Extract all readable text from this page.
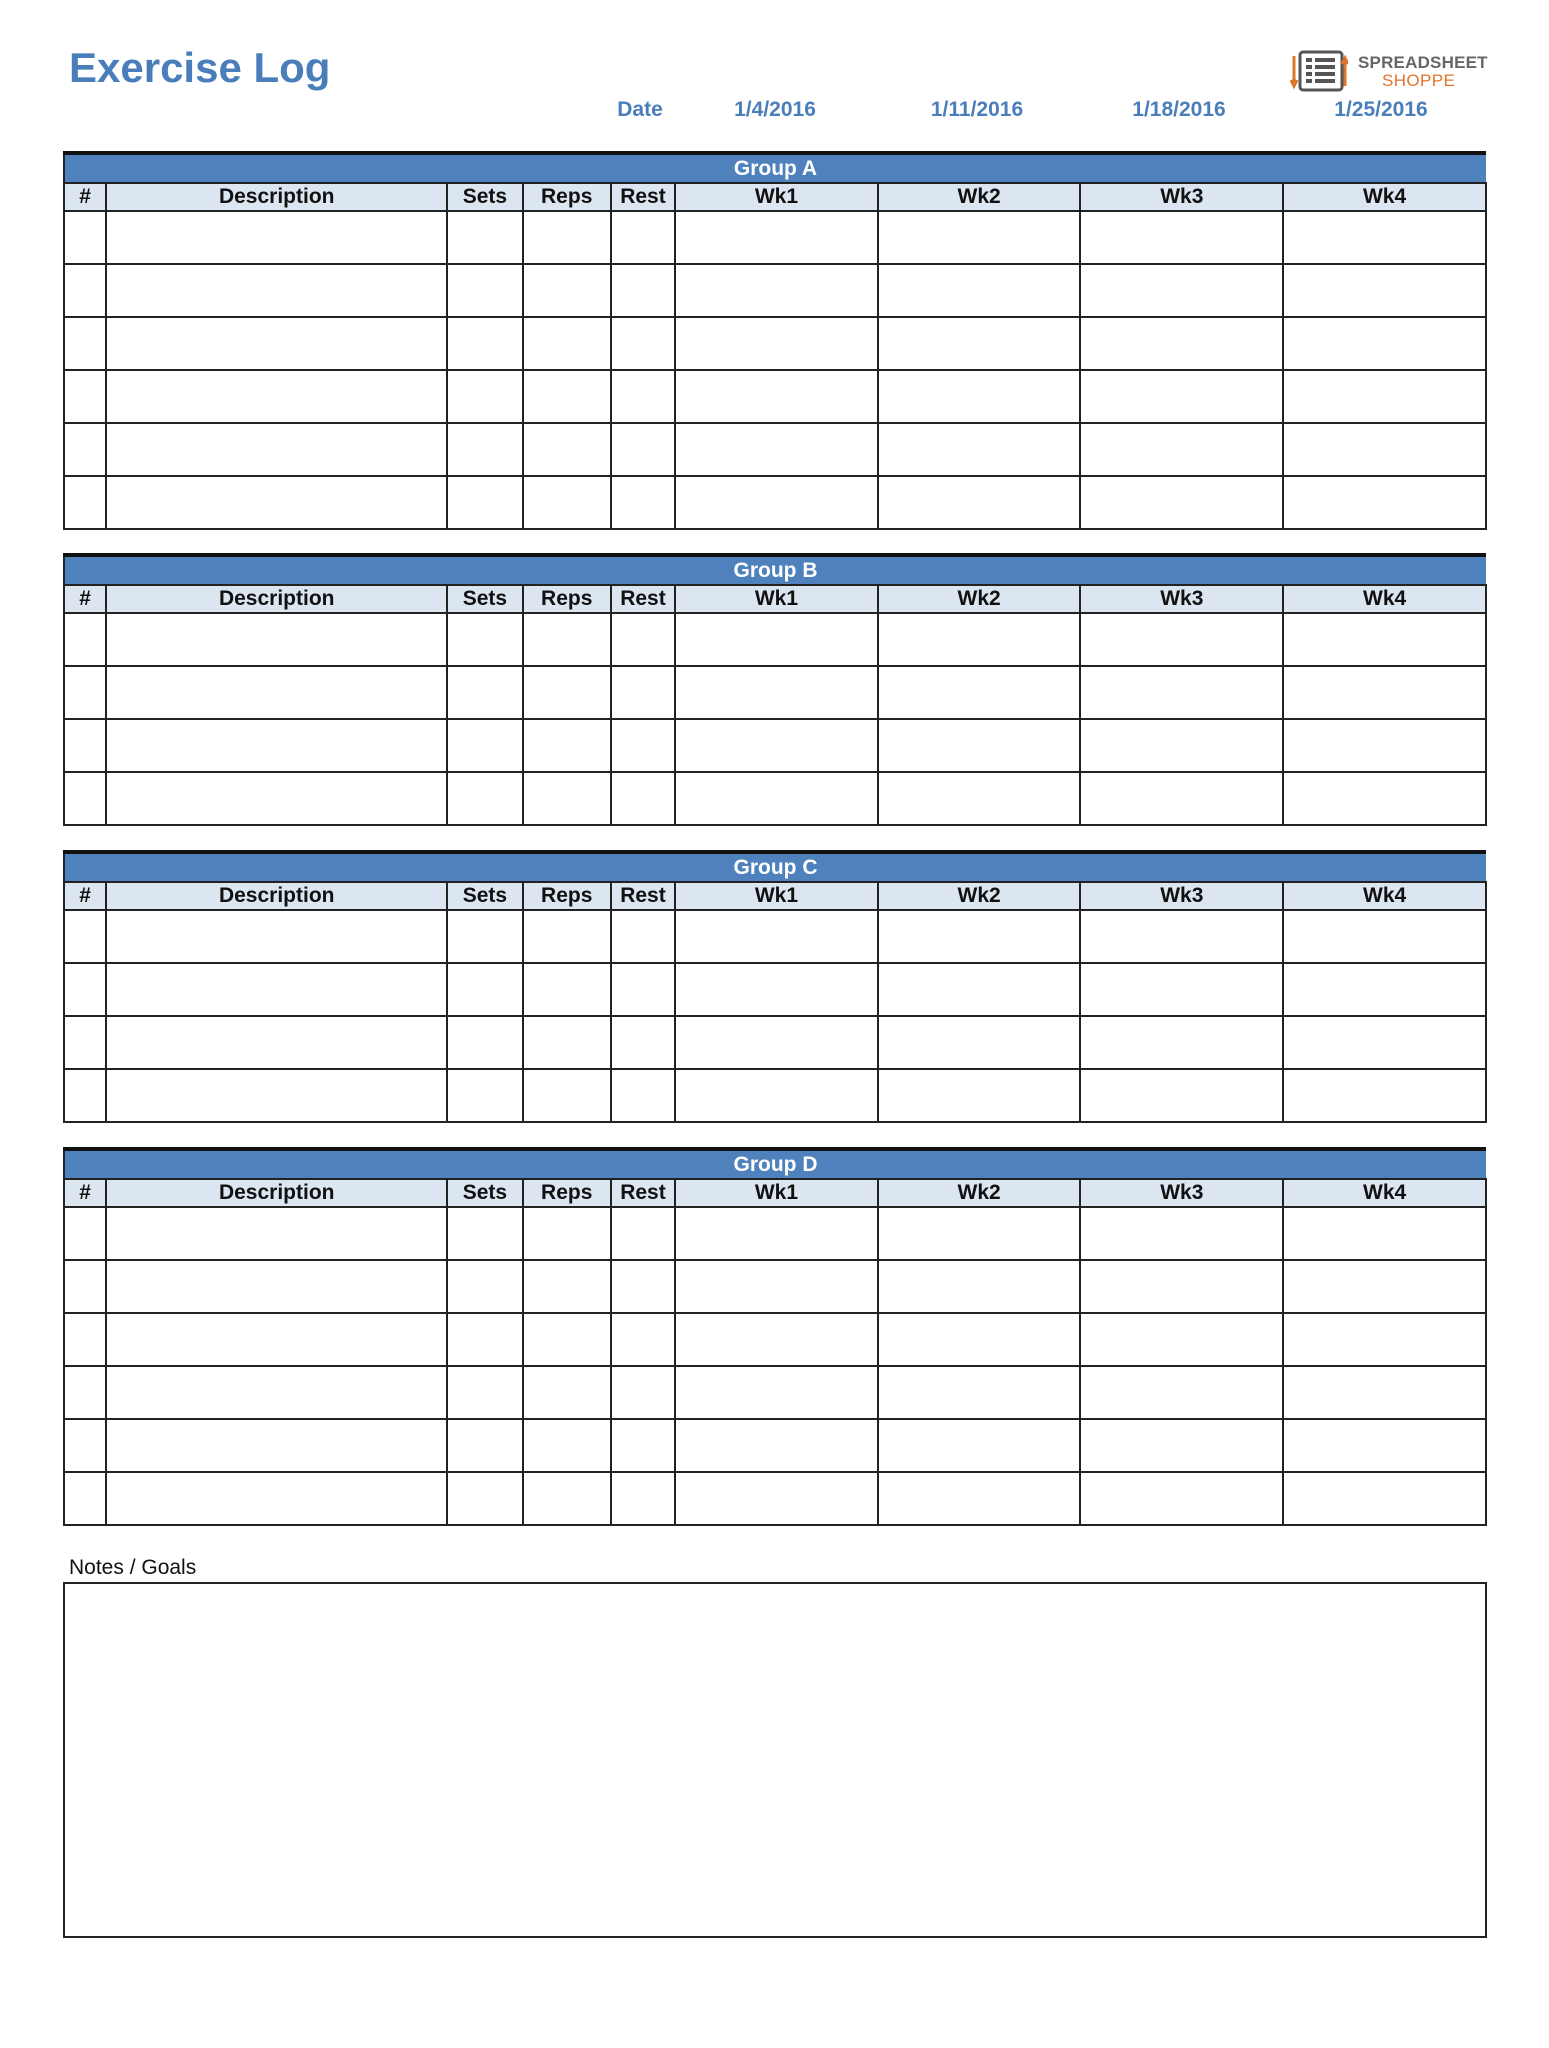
Exercise Log	SPREADSHEET
SHOPPE
Date	1/4/2016	1/11/2016	1/18/2016	1/25/2016
Group A								
#	Description	Sets	Reps	Rest	Wk1	Wk2	Wk3	Wk4

Group B								
#	Description	Sets	Reps	Rest	Wk1	Wk2	Wk3	Wk4

Group C								
#	Description	Sets	Reps	Rest	Wk1	Wk2	Wk3	Wk4

Group D								
#	Description	Sets	Reps	Rest	Wk1	Wk2	Wk3	Wk4

Notes / Goals
